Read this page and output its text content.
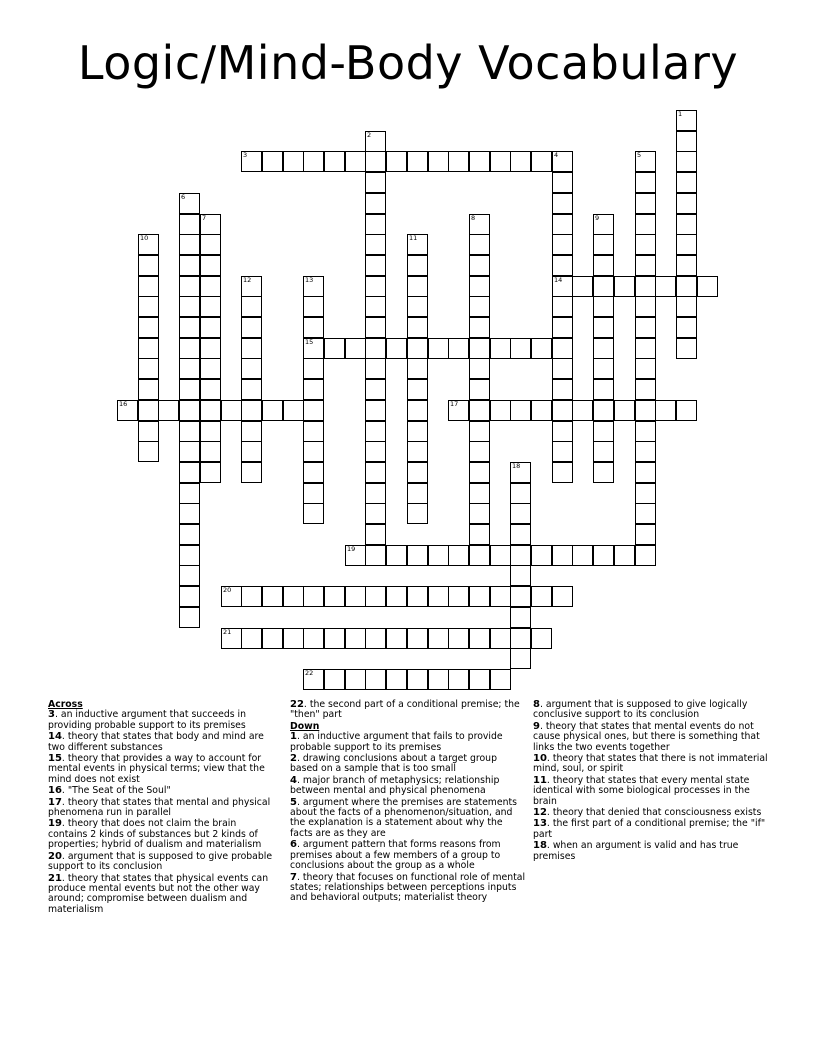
Logic/Mind-Body Vocabulary
1
2
3	4
14
5
6
7	8	9
10	11
12	13
15
16	17
18
19
20
21
22
Across
3. an inductive argument that succeeds in providing probable support to its premises
14. theory that states that body and mind are two different substances
15. theory that provides a way to account for mental events in physical terms; view that the mind does not exist
16. "The Seat of the Soul"
17. theory that states that mental and physical phenomena run in parallel
19. theory that does not claim the brain contains 2 kinds of substances but 2 kinds of properties; hybrid of dualism and materialism
20. argument that is supposed to give probable support to its conclusion
21. theory that states that physical events can produce mental events but not the other way around; compromise between dualism and materialism
22. the second part of a conditional premise; the "then" part
Down
1. an inductive argument that fails to provide probable support to its premises
2. drawing conclusions about a target group based on a sample that is too small
4. major branch of metaphysics; relationship between mental and physical phenomena
5. argument where the premises are statements about the facts of a phenomenon/situation, and the explanation is a statement about why the facts are as they are
6. argument pattern that forms reasons from premises about a few members of a group to conclusions about the group as a whole
7. theory that focuses on functional role of mental states; relationships between perceptions inputs and behavioral outputs; materialist theory
8. argument that is supposed to give logically conclusive support to its conclusion
9. theory that states that mental events do not cause physical ones, but there is something that links the two events together
10. theory that states that there is not immaterial mind, soul, or spirit
11. theory that states that every mental state identical with some biological processes in the brain
12. theory that denied that consciousness exists
13. the first part of a conditional premise; the "if" part
18. when an argument is valid and has true premises
